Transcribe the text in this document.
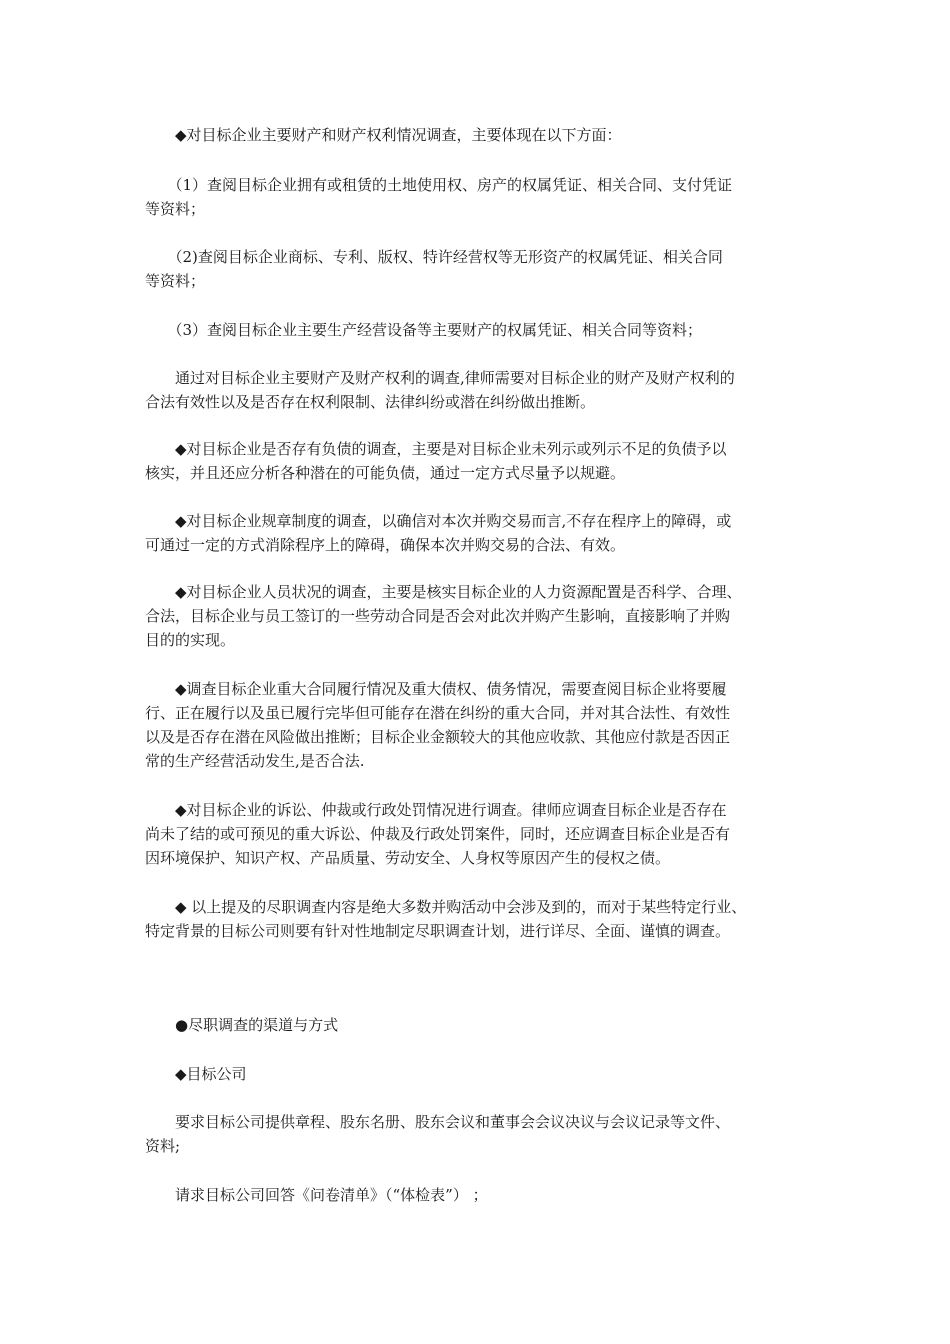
　　◆对目标企业主要财产和财产权利情况调查，主要体现在以下方面：

　　（1）查阅目标企业拥有或租赁的土地使用权、房产的权属凭证、相关合同、支付凭证
等资料；

　　（2)查阅目标企业商标、专利、版权、特许经营权等无形资产的权属凭证、相关合同
等资料；

　　（3）查阅目标企业主要生产经营设备等主要财产的权属凭证、相关合同等资料；

　　通过对目标企业主要财产及财产权利的调查,律师需要对目标企业的财产及财产权利的
合法有效性以及是否存在权利限制、法律纠纷或潜在纠纷做出推断。

　　◆对目标企业是否存有负债的调查，主要是对目标企业未列示或列示不足的负债予以
核实，并且还应分析各种潜在的可能负债，通过一定方式尽量予以规避。

　　◆对目标企业规章制度的调查，以确信对本次并购交易而言,不存在程序上的障碍，或
可通过一定的方式消除程序上的障碍，确保本次并购交易的合法、有效。

　　◆对目标企业人员状况的调查，主要是核实目标企业的人力资源配置是否科学、合理、
合法，目标企业与员工签订的一些劳动合同是否会对此次并购产生影响，直接影响了并购
目的的实现。

　　◆调查目标企业重大合同履行情况及重大债权、债务情况，需要查阅目标企业将要履
行、正在履行以及虽已履行完毕但可能存在潜在纠纷的重大合同，并对其合法性、有效性
以及是否存在潜在风险做出推断；目标企业金额较大的其他应收款、其他应付款是否因正
常的生产经营活动发生,是否合法.

　　◆对目标企业的诉讼、仲裁或行政处罚情况进行调查。律师应调查目标企业是否存在
尚未了结的或可预见的重大诉讼、仲裁及行政处罚案件，同时，还应调查目标企业是否有
因环境保护、知识产权、产品质量、劳动安全、人身权等原因产生的侵权之债。

　　◆ 以上提及的尽职调查内容是绝大多数并购活动中会涉及到的，而对于某些特定行业、
特定背景的目标公司则要有针对性地制定尽职调查计划，进行详尽、全面、谨慎的调查。

　　●尽职调查的渠道与方式

　　◆目标公司

　　要求目标公司提供章程、股东名册、股东会议和董事会会议决议与会议记录等文件、
资料;

　　请求目标公司回答《问卷清单》（“体检表”） ；
